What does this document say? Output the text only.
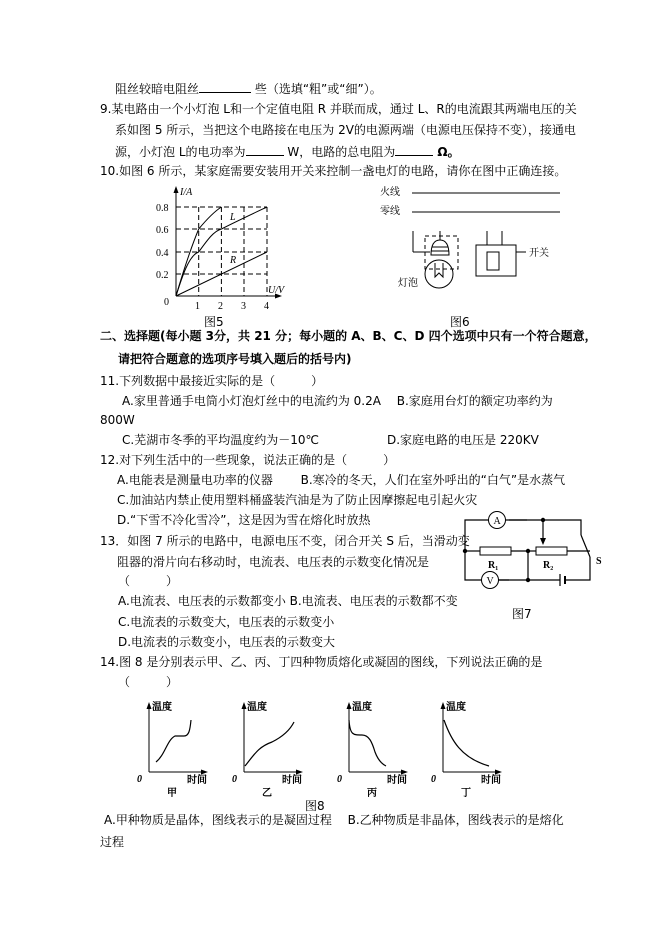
阻丝较暗电阻丝	些（选填“粗”或“细”）。
9.某电路由一个小灯泡 L和一个定值电阻 R 并联而成，通过 L、R的电流跟其两端电压的关
系如图 5 所示，当把这个电路接在电压为 2V的电源两端（电源电压保持不变），接通电
源，小灯泡 L的电功率为	W，电路的总电阻为	Ω。
10.如图 6 所示，某家庭需要安装用开关来控制一盏电灯的电路，请你在图中正确连接。
I/A
U/V
L
R
0	1 2 3 4
0.2
0.4
0.6
0.8
图5
火线
零线
灯泡
开关
图6
二、选择题(每小题 3分，共 21 分；每小题的 A、B、C、D 四个选项中只有一个符合题意，
请把符合题意的选项序号填入题后的括号内)
11.下列数据中最接近实际的是（　　　）
A.家里普通手电筒小灯泡灯丝中的电流约为 0.2A　 B.家庭用台灯的额定功率约为
800W
C.芜湖市冬季的平均温度约为－10℃	D.家庭电路的电压是 220KV
12.对下列生活中的一些现象，说法正确的是（　　　）
A.电能表是测量电功率的仪器　　 B.寒冷的冬天，人们在室外呼出的“白气”是水蒸气
C.加油站内禁止使用塑料桶盛装汽油是为了防止因摩擦起电引起火灾
D.“下雪不冷化雪冷”，这是因为雪在熔化时放热
13．如图 7 所示的电路中，电源电压不变，闭合开关 S 后，当滑动变
阻器的滑片向右移动时，电流表、电压表的示数变化情况是
（　　　）
A.电流表、电压表的示数都变小 B.电流表、电压表的示数都不变
C.电流表的示数变大，电压表的示数变小
D.电流表的示数变小，电压表的示数变大
A
V
R₁	R₂	S
图7
14.图 8 是分别表示甲、乙、丙、丁四种物质熔化或凝固的图线，下列说法正确的是
（　　　）
温度
时间
0
甲
温度
时间
0
乙
温度
时间
0
丙
温度
时间
0
丁
图8
A.甲种物质是晶体，图线表示的是凝固过程　 B.乙种物质是非晶体，图线表示的是熔化
过程
